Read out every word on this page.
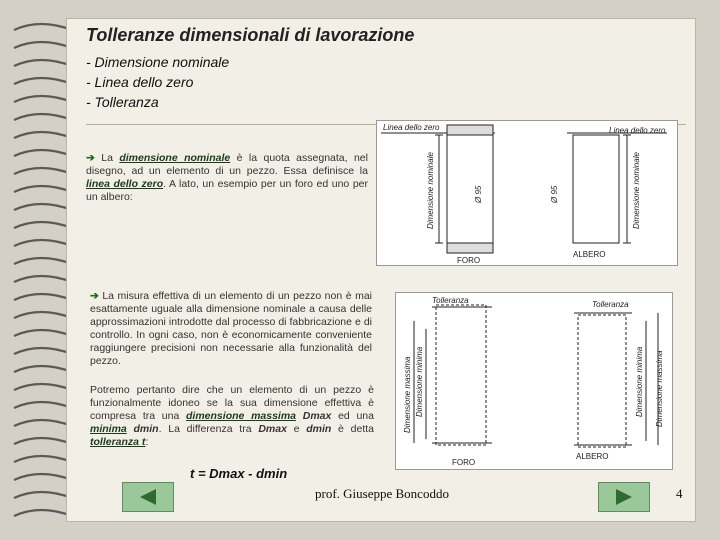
Tolleranze dimensionali di lavorazione
- Dimensione nominale
- Linea dello zero
- Tolleranza
➔ La dimensione nominale è la quota assegnata, nel disegno, ad un elemento di un pezzo. Essa definisce la linea dello zero. A lato, un esempio per un foro ed uno per un albero:
Linea dello zero	Linea dello zero
Dimensione nominale	Dimensione nominale
Ø 95	Ø 95
FORO
ALBERO
➔ La misura effettiva di un elemento di un pezzo non è mai esattamente uguale alla dimensione nominale a causa delle approssimazioni introdotte dal processo di fabbricazione e di controllo. In ogni caso, non è economicamente conveniente raggiungere precisioni non necessarie alla funzionalità del pezzo.
Potremo pertanto dire che un elemento di un pezzo è funzionalmente idoneo se la sua dimensione effettiva è compresa tra una dimensione massima Dmax ed una minima dmin. La differenza tra Dmax e dmin è detta tolleranza t:
Tolleranza	Tolleranza
Dimensione massima Dimensione minima	Dimensione minima Dimensione massima
FORO
ALBERO
t = Dmax - dmin
prof. Giuseppe Boncoddo	4
